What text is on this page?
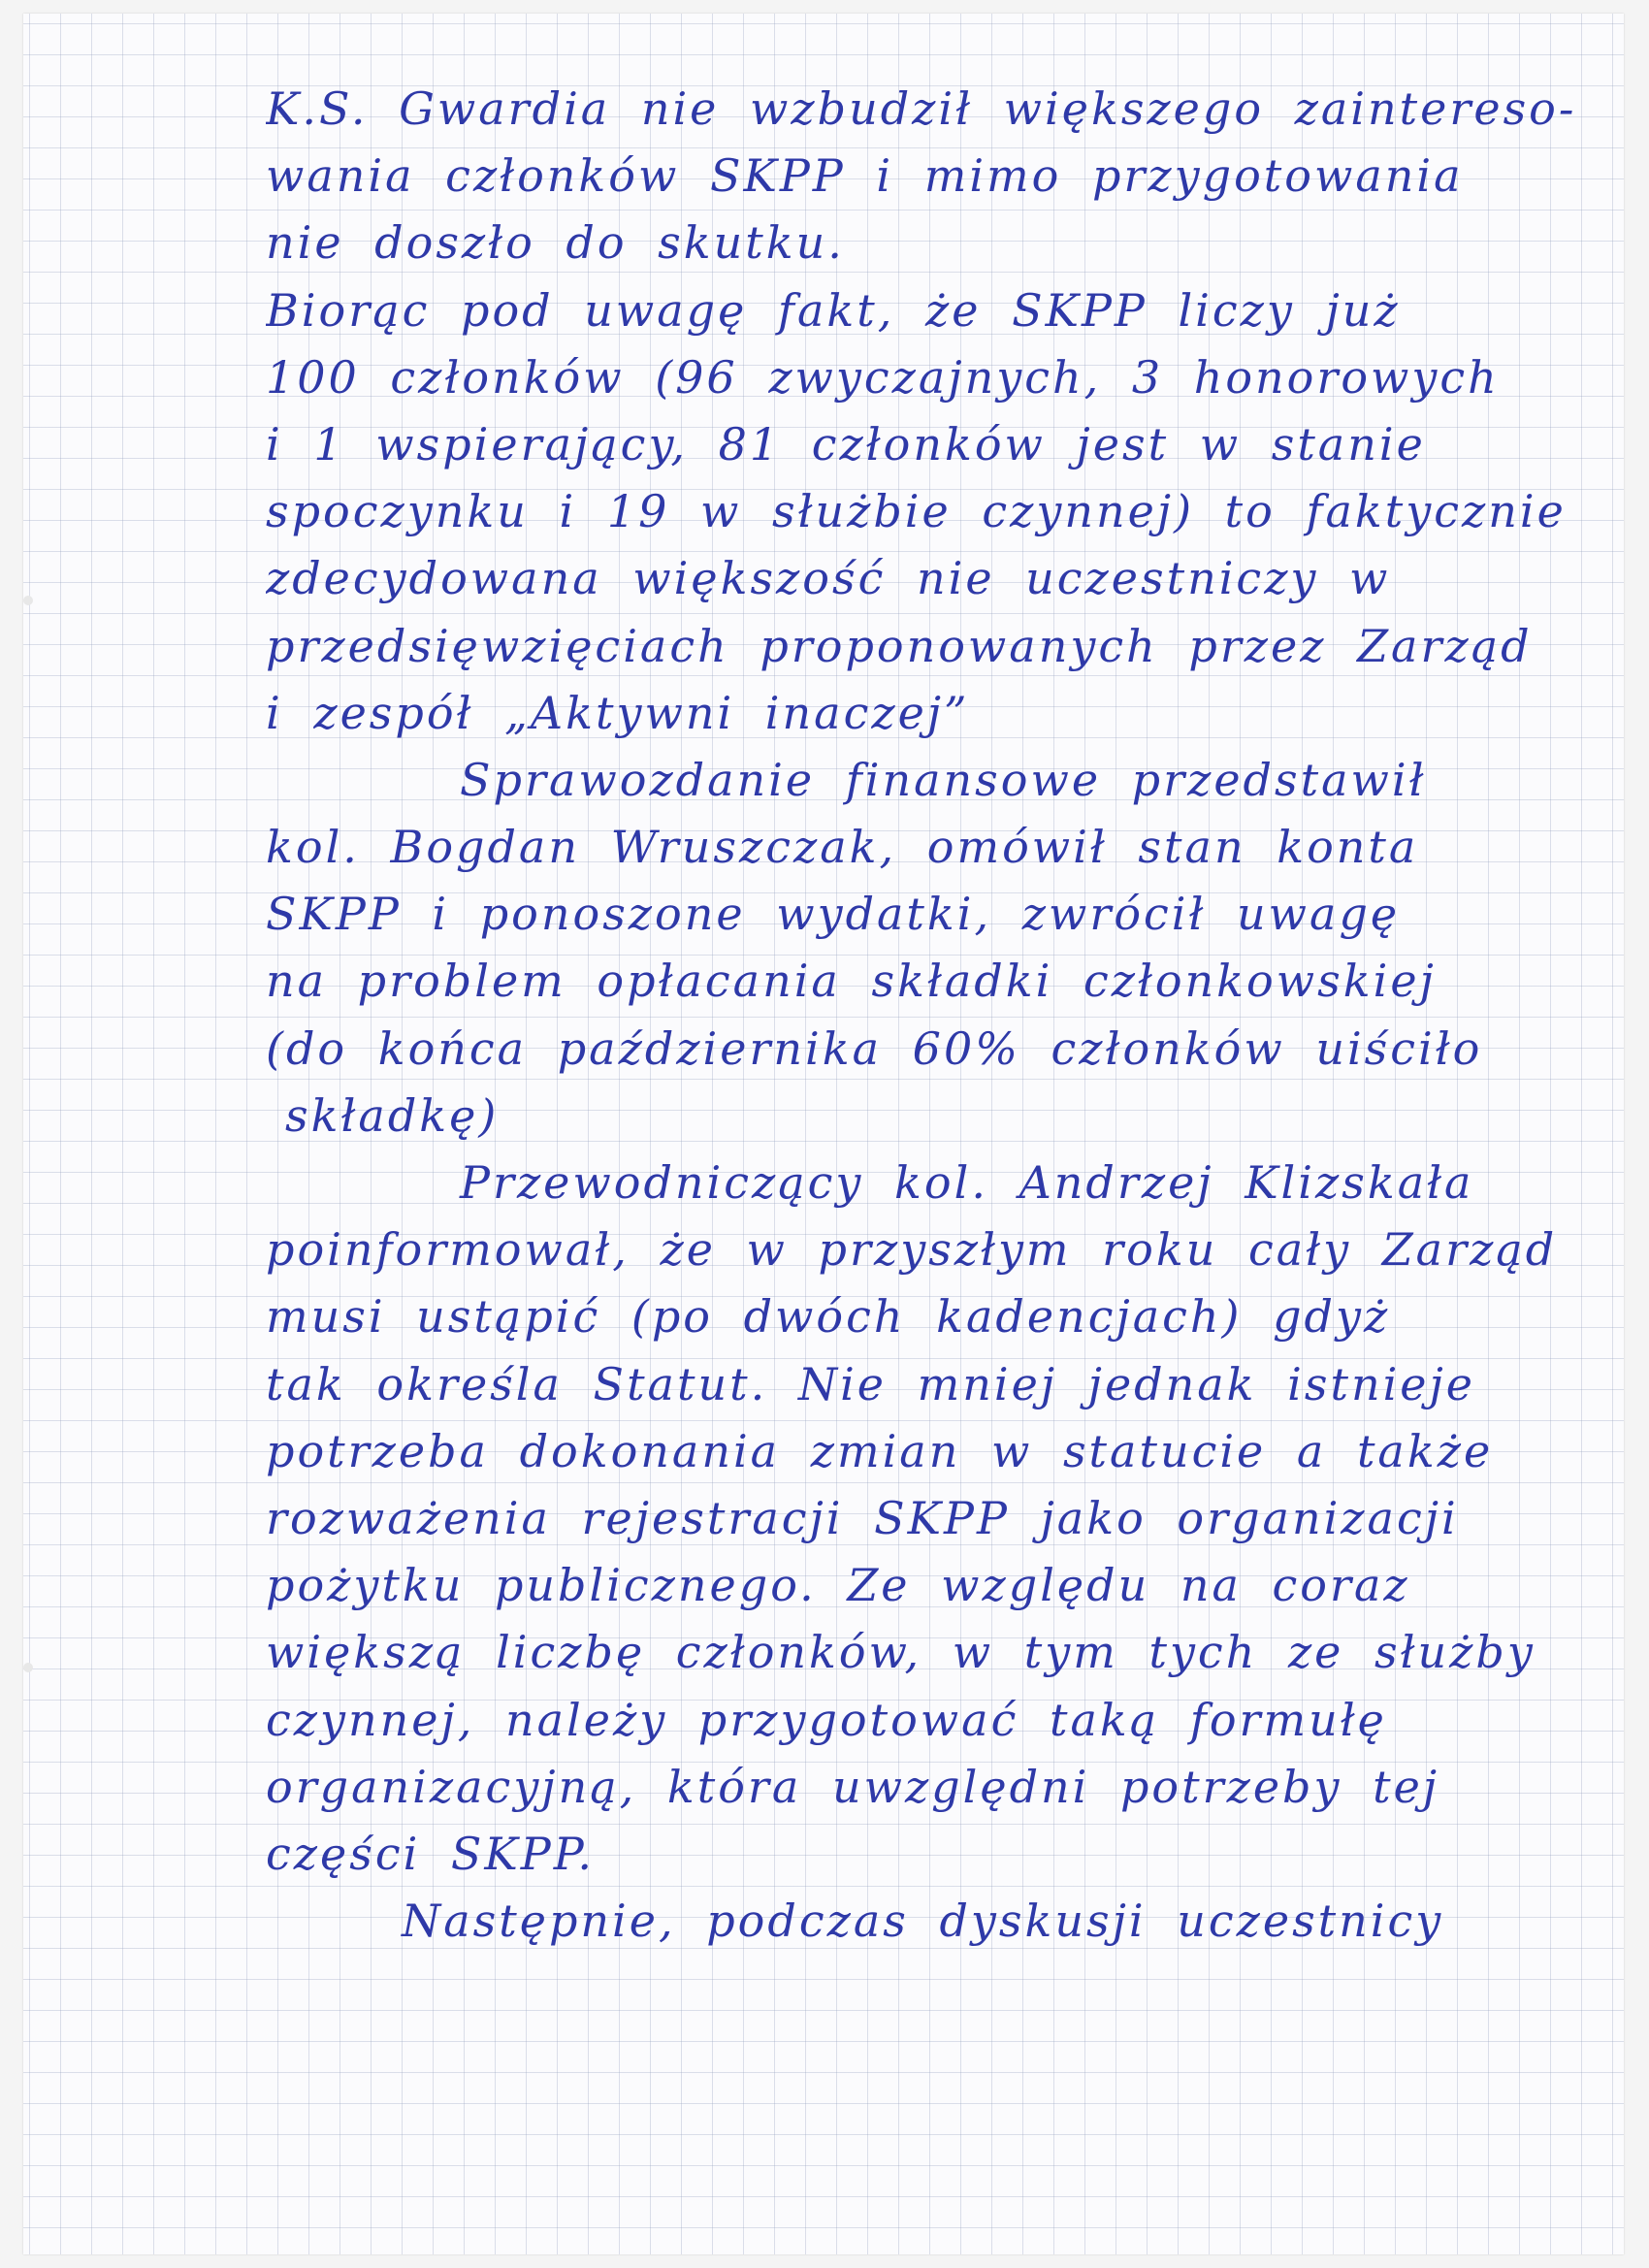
K.S. Gwardia nie wzbudził większego zaintereso-
wania członków SKPP i mimo przygotowania
nie doszło do skutku.
Biorąc pod uwagę fakt, że SKPP liczy już
100 członków (96 zwyczajnych, 3 honorowych
i 1 wspierający, 81 członków jest w stanie
spoczynku i 19 w służbie czynnej) to faktycznie
zdecydowana większość nie uczestniczy w
przedsięwzięciach proponowanych przez Zarząd
i zespół „Aktywni inaczej”
Sprawozdanie finansowe przedstawił
kol. Bogdan Wruszczak, omówił stan konta
SKPP i ponoszone wydatki, zwrócił uwagę
na problem opłacania składki członkowskiej
(do końca października 60% członków uiściło
składkę)
Przewodniczący kol. Andrzej Klizskała
poinformował, że w przyszłym roku cały Zarząd
musi ustąpić (po dwóch kadencjach) gdyż
tak określa Statut. Nie mniej jednak istnieje
potrzeba dokonania zmian w statucie a także
rozważenia rejestracji SKPP jako organizacji
pożytku publicznego. Ze względu na coraz
większą liczbę członków, w tym tych ze służby
czynnej, należy przygotować taką formułę
organizacyjną, która uwzględni potrzeby tej
części SKPP.
Następnie, podczas dyskusji uczestnicy
